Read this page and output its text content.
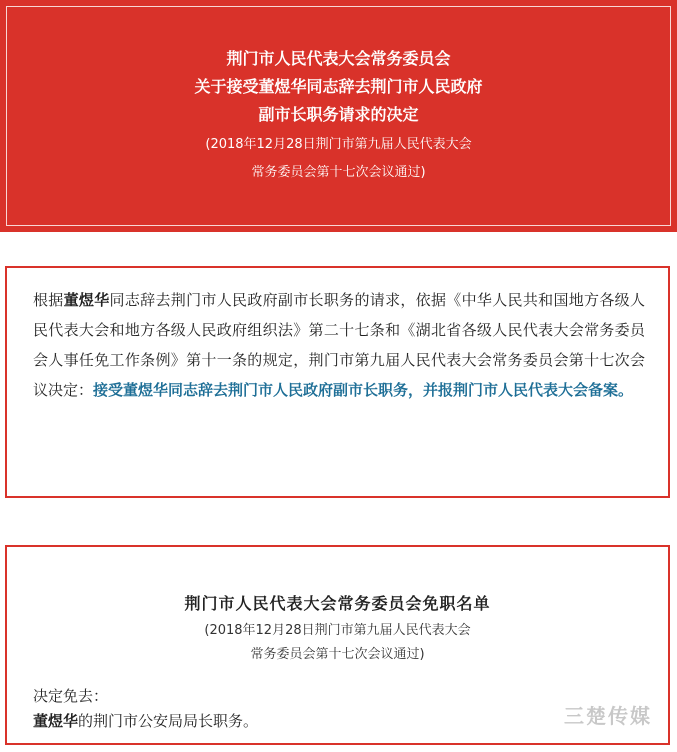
荆门市人民代表大会常务委员会
关于接受董煜华同志辞去荆门市人民政府
副市长职务请求的决定
(2018年12月28日荆门市第九届人民代表大会
常务委员会第十七次会议通过)
根据董煜华同志辞去荆门市人民政府副市长职务的请求，依据《中华人民共和国地方各级人民代表大会和地方各级人民政府组织法》第二十七条和《湖北省各级人民代表大会常务委员会人事任免工作条例》第十一条的规定，荆门市第九届人民代表大会常务委员会第十七次会议决定：接受董煜华同志辞去荆门市人民政府副市长职务，并报荆门市人民代表大会备案。
荆门市人民代表大会常务委员会免职名单
(2018年12月28日荆门市第九届人民代表大会
常务委员会第十七次会议通过)
决定免去：
董煜华的荆门市公安局局长职务。	三楚传媒
